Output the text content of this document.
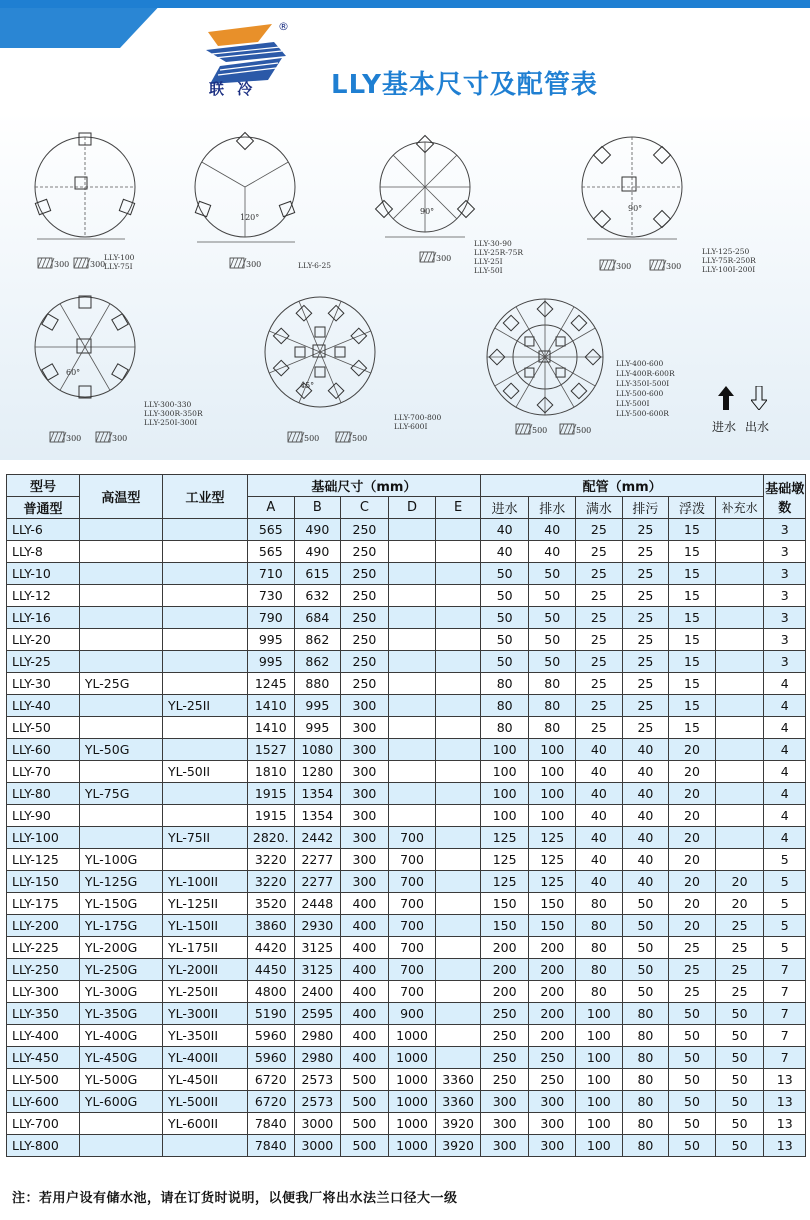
®
联 冷	LLY基本尺寸及配管表
LLY-100
LLY-75I
300	300
120°
LLY-6-25
300
90°
LLY-30-90
LLY-25R-75R
LLY-25I
LLY-50I
300
90°
LLY-125-250
LLY-75R-250R
LLY-100I-200I
300	300
60°
LLY-300-330
LLY-300R-350R
LLY-250I-300I
300	300
45°
LLY-700-800
LLY-600I
500	500
LLY-400-600
LLY-400R-600R
LLY-350I-500I
LLY-500-600
LLY-500I
LLY-500-600R
500	500	进水 出水
型号	高温型	工业型	基础尺寸（mm）					配管（mm）						基础墩数
普通型			A	B	C	D	E	进水	排水	满水	排污	浮泼	补充水	
LLY-6			565	490	250			40	40	25	25	15		3
LLY-8			565	490	250			40	40	25	25	15		3
LLY-10			710	615	250			50	50	25	25	15		3
LLY-12			730	632	250			50	50	25	25	15		3
LLY-16			790	684	250			50	50	25	25	15		3
LLY-20			995	862	250			50	50	25	25	15		3
LLY-25			995	862	250			50	50	25	25	15		3
LLY-30	YL-25G		1245	880	250			80	80	25	25	15		4
LLY-40		YL-25II	1410	995	300			80	80	25	25	15		4
LLY-50			1410	995	300			80	80	25	25	15		4
LLY-60	YL-50G		1527	1080	300			100	100	40	40	20		4
LLY-70		YL-50II	1810	1280	300			100	100	40	40	20		4
LLY-80	YL-75G		1915	1354	300			100	100	40	40	20		4
LLY-90			1915	1354	300			100	100	40	40	20		4
LLY-100		YL-75II	2820.	2442	300	700		125	125	40	40	20		4
LLY-125	YL-100G		3220	2277	300	700		125	125	40	40	20		5
LLY-150	YL-125G	YL-100II	3220	2277	300	700		125	125	40	40	20	20	5
LLY-175	YL-150G	YL-125II	3520	2448	400	700		150	150	80	50	20	20	5
LLY-200	YL-175G	YL-150II	3860	2930	400	700		150	150	80	50	20	25	5
LLY-225	YL-200G	YL-175II	4420	3125	400	700		200	200	80	50	25	25	5
LLY-250	YL-250G	YL-200II	4450	3125	400	700		200	200	80	50	25	25	7
LLY-300	YL-300G	YL-250II	4800	2400	400	700		200	200	80	50	25	25	7
LLY-350	YL-350G	YL-300II	5190	2595	400	900		250	200	100	80	50	50	7
LLY-400	YL-400G	YL-350II	5960	2980	400	1000		250	200	100	80	50	50	7
LLY-450	YL-450G	YL-400II	5960	2980	400	1000		250	250	100	80	50	50	7
LLY-500	YL-500G	YL-450II	6720	2573	500	1000	3360	250	250	100	80	50	50	13
LLY-600	YL-600G	YL-500II	6720	2573	500	1000	3360	300	300	100	80	50	50	13
LLY-700		YL-600II	7840	3000	500	1000	3920	300	300	100	80	50	50	13
LLY-800			7840	3000	500	1000	3920	300	300	100	80	50	50	13
注：若用户设有储水池，请在订货时说明，以便我厂将出水法兰口径大一级
